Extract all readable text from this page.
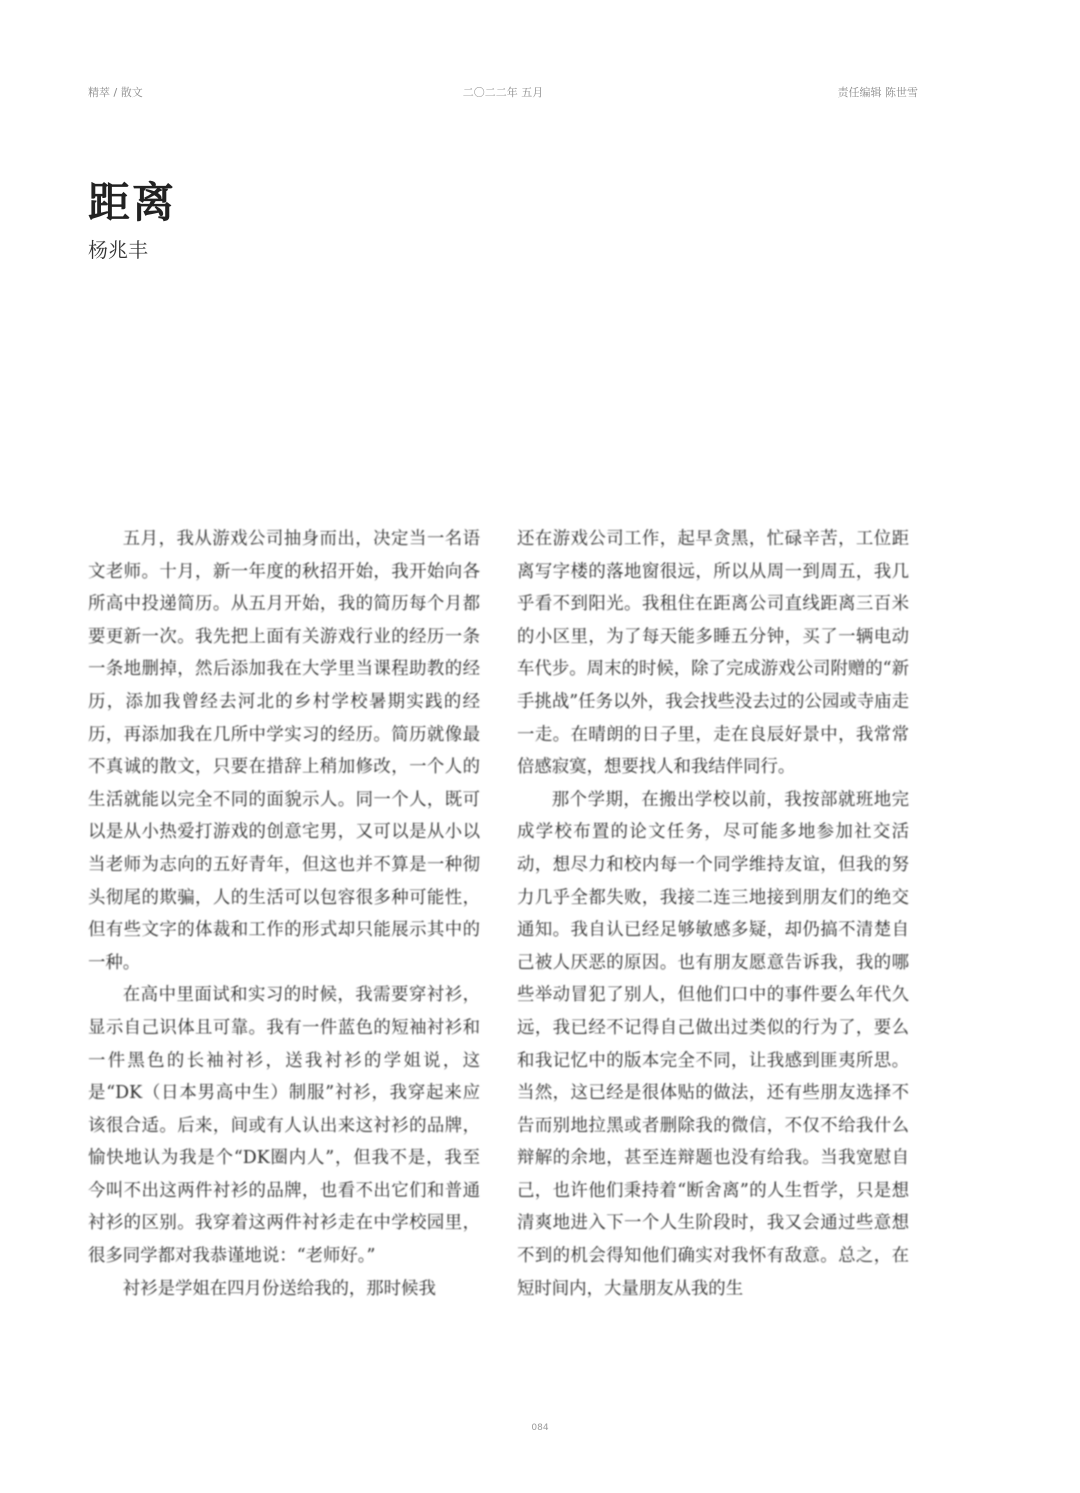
精萃 / 散文	二〇二二年 五月	责任编辑 陈世雪
距离
杨兆丰

五月，我从游戏公司抽身而出，决定当一名语文老师。十月，新一年度的秋招开始，我开始向各所高中投递简历。从五月开始，我的简历每个月都要更新一次。我先把上面有关游戏行业的经历一条一条地删掉，然后添加我在大学里当课程助教的经历，添加我曾经去河北的乡村学校暑期实践的经历，再添加我在几所中学实习的经历。简历就像最不真诚的散文，只要在措辞上稍加修改，一个人的生活就能以完全不同的面貌示人。同一个人，既可以是从小热爱打游戏的创意宅男，又可以是从小以当老师为志向的五好青年，但这也并不算是一种彻头彻尾的欺骗，人的生活可以包容很多种可能性，但有些文字的体裁和工作的形式却只能展示其中的一种。

在高中里面试和实习的时候，我需要穿衬衫，显示自己识体且可靠。我有一件蓝色的短袖衬衫和一件黑色的长袖衬衫，送我衬衫的学姐说，这是“DK（日本男高中生）制服”衬衫，我穿起来应该很合适。后来，间或有人认出来这衬衫的品牌，愉快地认为我是个“DK圈内人”，但我不是，我至今叫不出这两件衬衫的品牌，也看不出它们和普通衬衫的区别。我穿着这两件衬衫走在中学校园里，很多同学都对我恭谨地说：“老师好。”

衬衫是学姐在四月份送给我的，那时候我

还在游戏公司工作，起早贪黑，忙碌辛苦，工位距离写字楼的落地窗很远，所以从周一到周五，我几乎看不到阳光。我租住在距离公司直线距离三百米的小区里，为了每天能多睡五分钟，买了一辆电动车代步。周末的时候，除了完成游戏公司附赠的“新手挑战”任务以外，我会找些没去过的公园或寺庙走一走。在晴朗的日子里，走在良辰好景中，我常常倍感寂寞，想要找人和我结伴同行。

那个学期，在搬出学校以前，我按部就班地完成学校布置的论文任务，尽可能多地参加社交活动，想尽力和校内每一个同学维持友谊，但我的努力几乎全都失败，我接二连三地接到朋友们的绝交通知。我自认已经足够敏感多疑，却仍搞不清楚自己被人厌恶的原因。也有朋友愿意告诉我，我的哪些举动冒犯了别人，但他们口中的事件要么年代久远，我已经不记得自己做出过类似的行为了，要么和我记忆中的版本完全不同，让我感到匪夷所思。当然，这已经是很体贴的做法，还有些朋友选择不告而别地拉黑或者删除我的微信，不仅不给我什么辩解的余地，甚至连辩题也没有给我。当我宽慰自己，也许他们秉持着“断舍离”的人生哲学，只是想清爽地进入下一个人生阶段时，我又会通过些意想不到的机会得知他们确实对我怀有敌意。总之，在短时间内，大量朋友从我的生

084
